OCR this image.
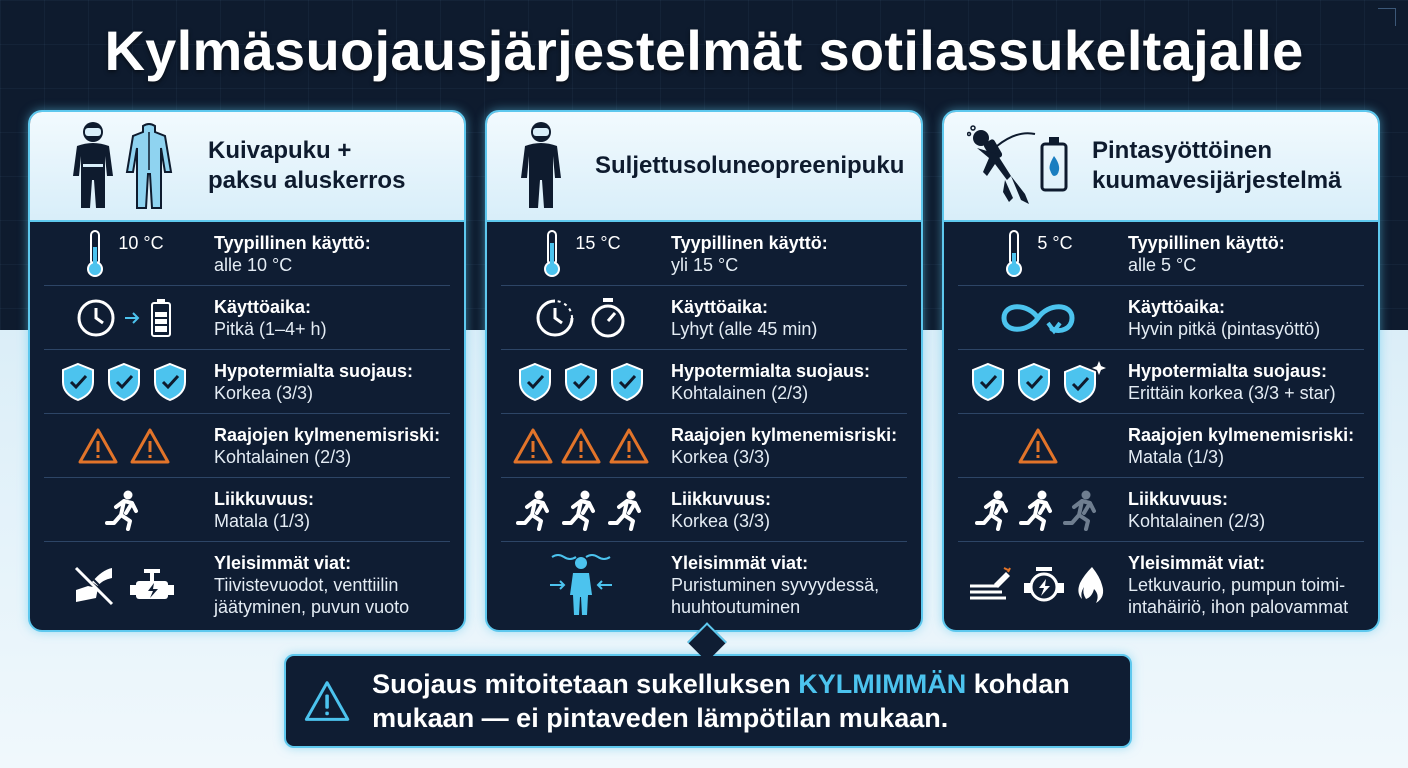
Kylmäsuojausjärjestelmät sotilassukeltajalle
Kuivapuku +
paksu aluskerros
10 °C	Tyypillinen käyttö:
alle 10 °C
Käyttöaika:
Pitkä (1–4+ h)
Hypotermialta suojaus:
Korkea (3/3)
Raajojen kylmenemisriski:
Kohtalainen (2/3)
Liikkuvuus:
Matala (1/3)
Yleisimmät viat:
Tiivistevuodot, venttiilin
jäätyminen, puvun vuoto
Suljettusoluneopreenipuku
15 °C	Tyypillinen käyttö:
yli 15 °C
Käyttöaika:
Lyhyt (alle 45 min)
Hypotermialta suojaus:
Kohtalainen (2/3)
Raajojen kylmenemisriski:
Korkea (3/3)
Liikkuvuus:
Korkea (3/3)
Yleisimmät viat:
Puristuminen syvyydessä,
huuhtoutuminen
Pintasyöttöinen
kuumavesijärjestelmä
5 °C	Tyypillinen käyttö:
alle 5 °C
Käyttöaika:
Hyvin pitkä (pintasyöttö)
Hypotermialta suojaus:
Erittäin korkea (3/3 + star)
Raajojen kylmenemisriski:
Matala (1/3)
Liikkuvuus:
Kohtalainen (2/3)
Yleisimmät viat:
Letkuvaurio, pumpun toimi-
intahäiriö, ihon palovammat
Suojaus mitoitetaan sukelluksen KYLMIMMÄN kohdan mukaan — ei pintaveden lämpötilan mukaan.
